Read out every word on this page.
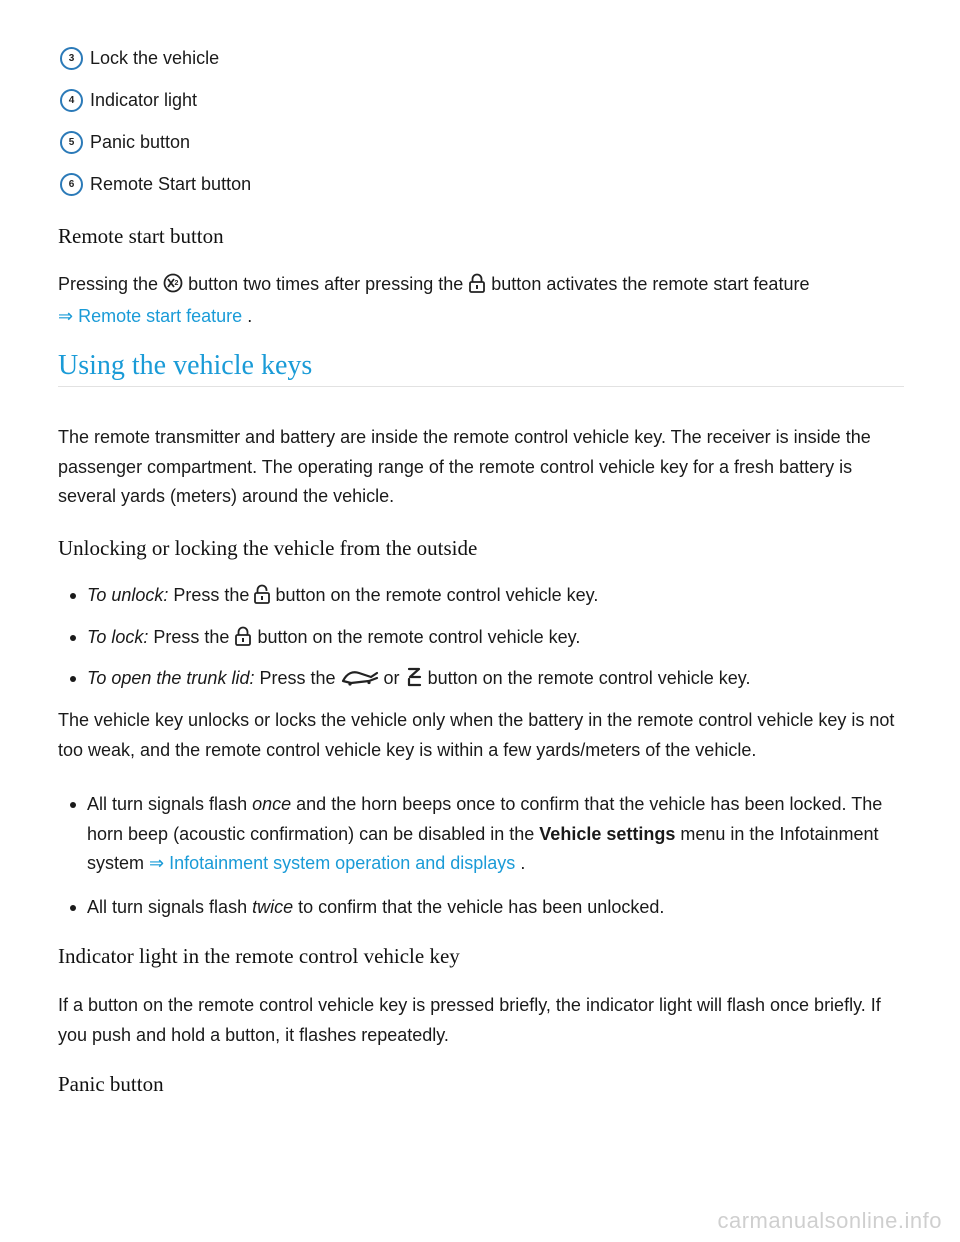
3 Lock the vehicle
4 Indicator light
5 Panic button
6 Remote Start button
Remote start button
Pressing the 2 button two times after pressing the button activates the remote start feature
⇒ Remote start feature .
Using the vehicle keys

The remote transmitter and battery are inside the remote control vehicle key. The receiver is inside the passenger compartment. The operating range of the remote control vehicle key for a fresh battery is several yards (meters) around the vehicle.

Unlocking or locking the vehicle from the outside
To unlock: Press the button on the remote control vehicle key.
To lock: Press the button on the remote control vehicle key.
To open the trunk lid: Press the	or button on the remote control vehicle key.

The vehicle key unlocks or locks the vehicle only when the battery in the remote control vehicle key is not too weak, and the remote control vehicle key is within a few yards/meters of the vehicle.

All turn signals flash once and the horn beeps once to confirm that the vehicle has been locked. The horn beep (acoustic confirmation) can be disabled in the Vehicle settings menu in the Infotainment system ⇒ Infotainment system operation and displays .
All turn signals flash twice to confirm that the vehicle has been unlocked.
Indicator light in the remote control vehicle key

If a button on the remote control vehicle key is pressed briefly, the indicator light will flash once briefly. If you push and hold a button, it flashes repeatedly.

Panic button
carmanualsonline.info
